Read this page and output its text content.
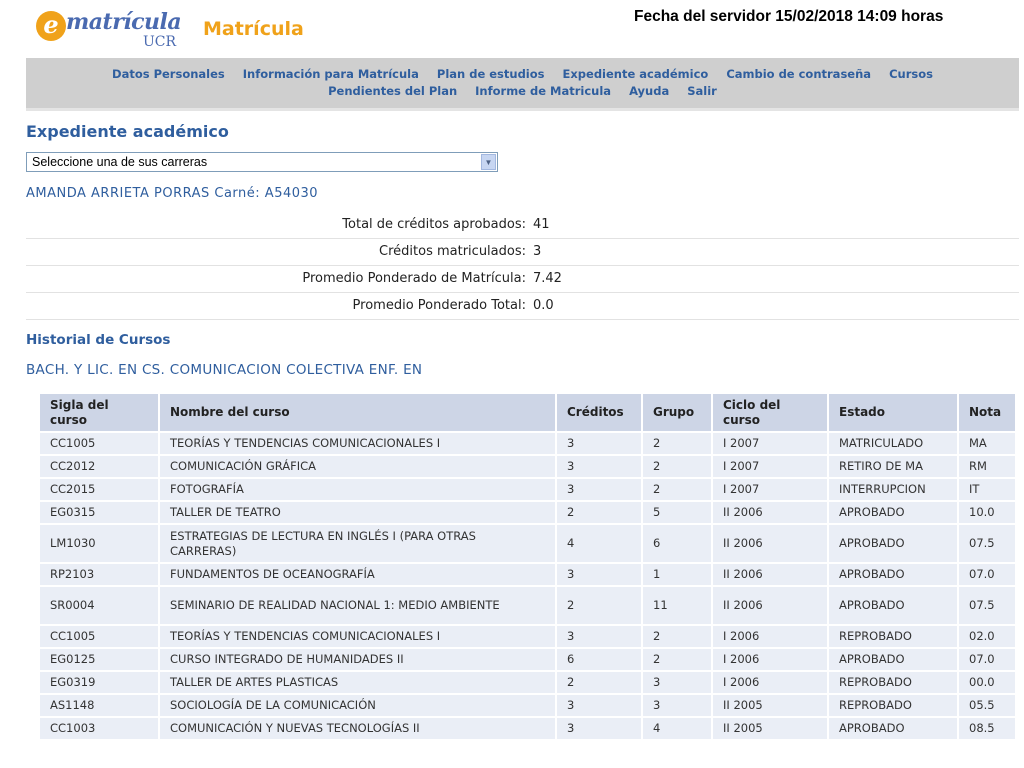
Fecha del servidor 15/02/2018 14:09 horas
e matrícula
UCR
Matrícula
Datos Personales Información para Matrícula Plan de estudios Expediente académico Cambio de contraseña Cursos
Pendientes del Plan Informe de Matricula Ayuda Salir
Expediente académico
Seleccione una de sus carreras	▼
AMANDA ARRIETA PORRAS Carné: A54030
Total de créditos aprobados: 41
Créditos matriculados: 3
Promedio Ponderado de Matrícula: 7.42
Promedio Ponderado Total: 0.0
Historial de Cursos
BACH. Y LIC. EN CS. COMUNICACION COLECTIVA ENF. EN
Sigla del curso	Nombre del curso	Créditos	Grupo	Ciclo del curso	Estado	Nota
CC1005	TEORÍAS Y TENDENCIAS COMUNICACIONALES I	3	2	I 2007	MATRICULADO	MA
CC2012	COMUNICACIÓN GRÁFICA	3	2	I 2007	RETIRO DE MA	RM
CC2015	FOTOGRAFÍA	3	2	I 2007	INTERRUPCION	IT
EG0315	TALLER DE TEATRO	2	5	II 2006	APROBADO	10.0
LM1030	ESTRATEGIAS DE LECTURA EN INGLÉS I (PARA OTRAS CARRERAS)	4	6	II 2006	APROBADO	07.5
RP2103	FUNDAMENTOS DE OCEANOGRAFÍA	3	1	II 2006	APROBADO	07.0
SR0004	SEMINARIO DE REALIDAD NACIONAL 1: MEDIO AMBIENTE	2	11	II 2006	APROBADO	07.5
CC1005	TEORÍAS Y TENDENCIAS COMUNICACIONALES I	3	2	I 2006	REPROBADO	02.0
EG0125	CURSO INTEGRADO DE HUMANIDADES II	6	2	I 2006	APROBADO	07.0
EG0319	TALLER DE ARTES PLASTICAS	2	3	I 2006	REPROBADO	00.0
AS1148	SOCIOLOGÍA DE LA COMUNICACIÓN	3	3	II 2005	REPROBADO	05.5
CC1003	COMUNICACIÓN Y NUEVAS TECNOLOGÍAS II	3	4	II 2005	APROBADO	08.5
